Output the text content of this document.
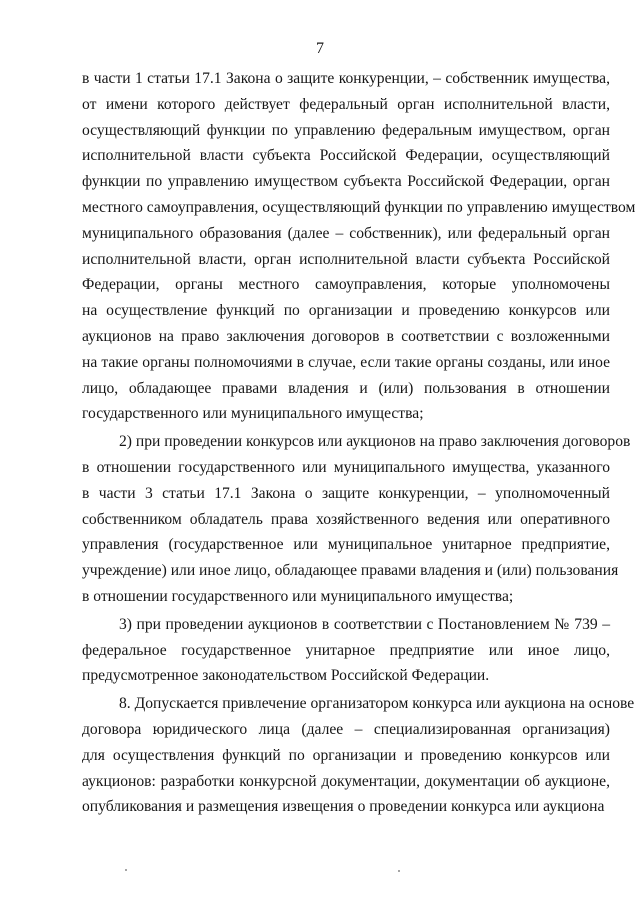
7
в части 1 статьи 17.1 Закона о защите конкуренции, – собственник имущества,
от имени которого действует федеральный орган исполнительной власти,
осуществляющий функции по управлению федеральным имуществом, орган
исполнительной власти субъекта Российской Федерации, осуществляющий
функции по управлению имуществом субъекта Российской Федерации, орган
местного самоуправления, осуществляющий функции по управлению имуществом
муниципального образования (далее – собственник), или федеральный орган
исполнительной власти, орган исполнительной власти субъекта Российской
Федерации, органы местного самоуправления, которые уполномочены
на осуществление функций по организации и проведению конкурсов или
аукционов на право заключения договоров в соответствии с возложенными
на такие органы полномочиями в случае, если такие органы созданы, или иное
лицо, обладающее правами владения и (или) пользования в отношении
государственного или муниципального имущества;
2) при проведении конкурсов или аукционов на право заключения договоров
в отношении государственного или муниципального имущества, указанного
в части 3 статьи 17.1 Закона о защите конкуренции, – уполномоченный
собственником обладатель права хозяйственного ведения или оперативного
управления (государственное или муниципальное унитарное предприятие,
учреждение) или иное лицо, обладающее правами владения и (или) пользования
в отношении государственного или муниципального имущества;
3) при проведении аукционов в соответствии с Постановлением № 739 –
федеральное государственное унитарное предприятие или иное лицо,
предусмотренное законодательством Российской Федерации.
8. Допускается привлечение организатором конкурса или аукциона на основе
договора юридического лица (далее – специализированная организация)
для осуществления функций по организации и проведению конкурсов или
аукционов: разработки конкурсной документации, документации об аукционе,
опубликования и размещения извещения о проведении конкурса или аукциона
